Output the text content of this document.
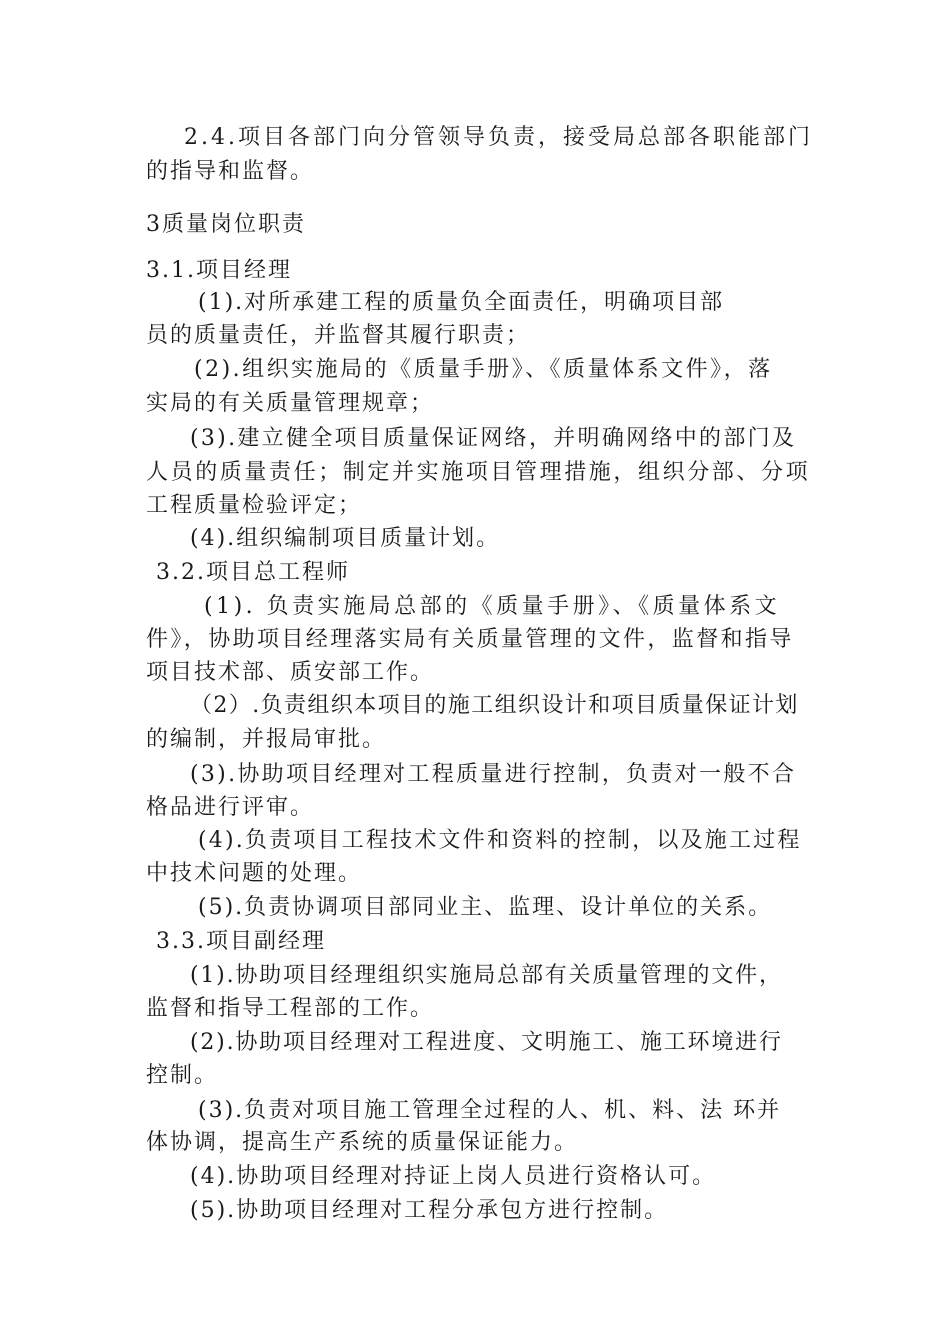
2.4.项目各部门向分管领导负责，接受局总部各职能部门
的指导和监督。
3质量岗位职责
3.1.项目经理
(1).对所承建工程的质量负全面责任，明确项目部
员的质量责任，并监督其履行职责；
(2).组织实施局的《质量手册》、《质量体系文件》，落
实局的有关质量管理规章；
(3).建立健全项目质量保证网络，并明确网络中的部门及
人员的质量责任；制定并实施项目管理措施，组织分部、分项
工程质量检验评定；
(4).组织编制项目质量计划。
3.2.项目总工程师
(1). 负责实施局总部的《质量手册》、《质量体系文
件》，协助项目经理落实局有关质量管理的文件，监督和指导
项目技术部、质安部工作。
（2）.负责组织本项目的施工组织设计和项目质量保证计划
的编制，并报局审批。
(3).协助项目经理对工程质量进行控制，负责对一般不合
格品进行评审。
(4).负责项目工程技术文件和资料的控制，以及施工过程
中技术问题的处理。
(5).负责协调项目部同业主、监理、设计单位的关系。
3.3.项目副经理
(1).协助项目经理组织实施局总部有关质量管理的文件，
监督和指导工程部的工作。
(2).协助项目经理对工程进度、文明施工、施工环境进行
控制。
(3).负责对项目施工管理全过程的人、机、料、法 环并
体协调，提高生产系统的质量保证能力。
(4).协助项目经理对持证上岗人员进行资格认可。
(5).协助项目经理对工程分承包方进行控制。
